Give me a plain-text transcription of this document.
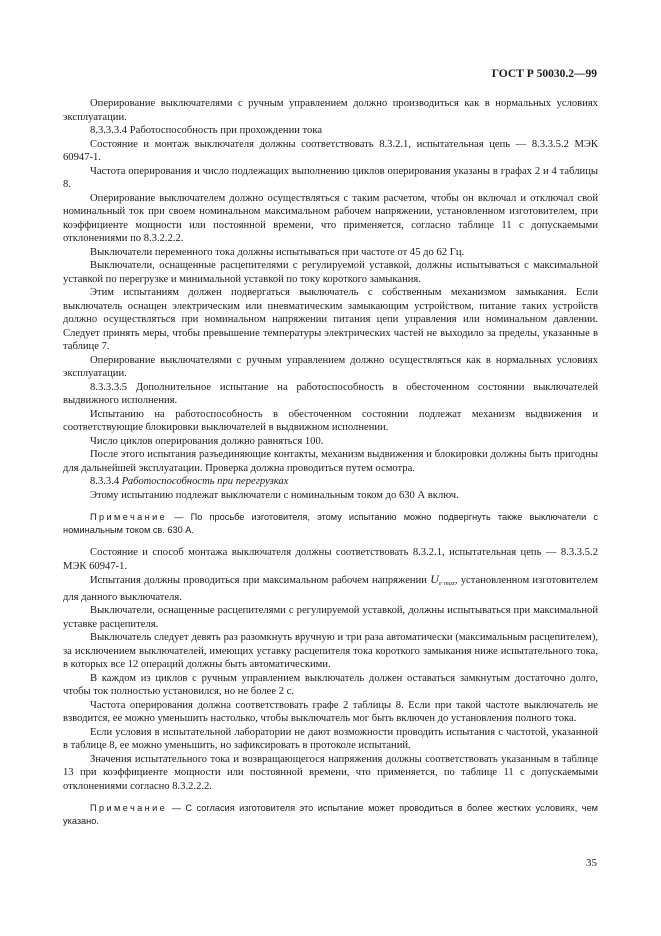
ГОСТ Р 50030.2—99

Оперирование выключателями с ручным управлением должно производиться как в нормальных условиях эксплуатации.

8.3.3.3.4 Работоспособность при прохождении тока

Состояние и монтаж выключателя должны соответствовать 8.3.2.1, испытательная цепь — 8.3.3.5.2 МЭК 60947-1.

Частота оперирования и число подлежащих выполнению циклов оперирования указаны в графах 2 и 4 таблицы 8.

Оперирование выключателем должно осуществляться с таким расчетом, чтобы он включал и отключал свой номинальный ток при своем номинальном максимальном рабочем напряжении, установленном изготовителем, при коэффициенте мощности или постоянной времени, что применяется, согласно таблице 11 с допускаемыми отклонениями по 8.3.2.2.2.

Выключатели переменного тока должны испытываться при частоте от 45 до 62 Гц.

Выключатели, оснащенные расцепителями с регулируемой уставкой, должны испытываться с максимальной уставкой по перегрузке и минимальной уставкой по току короткого замыкания.

Этим испытаниям должен подвергаться выключатель с собственным механизмом замыкания. Если выключатель оснащен электрическим или пневматическим замыкающим устройством, питание таких устройств должно осуществляться при номинальном напряжении питания цепи управления или номинальном давлении. Следует принять меры, чтобы превышение температуры электрических частей не выходило за пределы, указанные в таблице 7.

Оперирование выключателями с ручным управлением должно осуществляться как в нормальных условиях эксплуатации.

8.3.3.3.5 Дополнительное испытание на работоспособность в обесточенном состоянии выключателей выдвижного исполнения.

Испытанию на работоспособность в обесточенном состоянии подлежат механизм выдвижения и соответствующие блокировки выключателей в выдвижном исполнении.

Число циклов оперирования должно равняться 100.

После этого испытания разъединяющие контакты, механизм выдвижения и блокировки должны быть пригодны для дальнейшей эксплуатации. Проверка должна проводиться путем осмотра.

8.3.3.4 Работоспособность при перегрузках

Этому испытанию подлежат выключатели с номинальным током до 630 А включ.

Примечание — По просьбе изготовителя, этому испытанию можно подвергнуть также выключатели с номинальным током св. 630 А.

Состояние и способ монтажа выключателя должны соответствовать 8.3.2.1, испытательная цепь — 8.3.3.5.2 МЭК 60947-1.

Испытания должны проводиться при максимальном рабочем напряжении $U_{e max}$, установленном изготовителем для данного выключателя.

Выключатели, оснащенные расцепителями с регулируемой уставкой, должны испытываться при максимальной уставке расцепителя.

Выключатель следует девять раз разомкнуть вручную и три раза автоматически (максимальным расцепителем), за исключением выключателей, имеющих уставку расцепителя тока короткого замыкания ниже испытательного тока, в которых все 12 операций должны быть автоматическими.

В каждом из циклов с ручным управлением выключатель должен оставаться замкнутым достаточно долго, чтобы ток полностью установился, но не более 2 с.

Частота оперирования должна соответствовать графе 2 таблицы 8. Если при такой частоте выключатель не взводится, ее можно уменьшить настолько, чтобы выключатель мог быть включен до установления полного тока.

Если условия в испытательной лаборатории не дают возможности проводить испытания с частотой, указанной в таблице 8, ее можно уменьшить, но зафиксировать в протоколе испытаний.

Значения испытательного тока и возвращающегося напряжения должны соответствовать указанным в таблице 13 при коэффициенте мощности или постоянной времени, что применяется, по таблице 11 с допускаемыми отклонениями согласно 8.3.2.2.2.

Примечание — С согласия изготовителя это испытание может проводиться в более жестких условиях, чем указано.

35
